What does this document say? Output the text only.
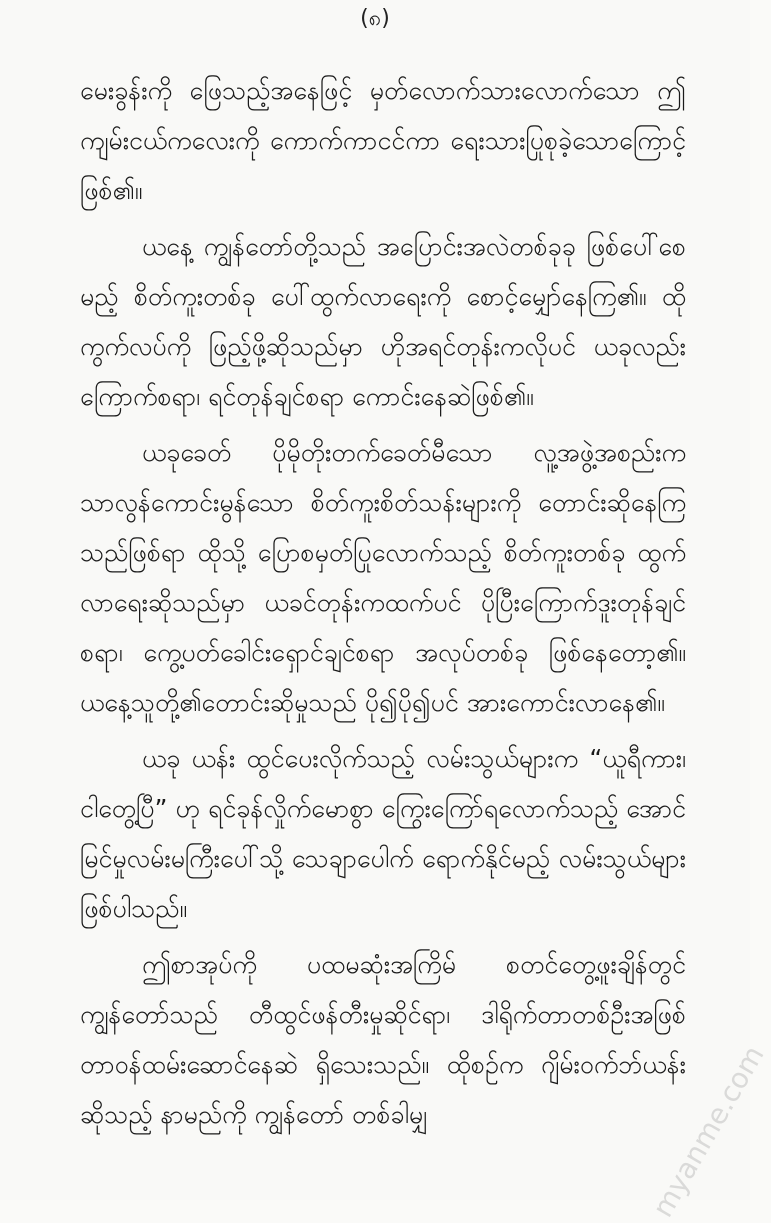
(၈)

မေးခွန်းကို ဖြေသည့်အနေဖြင့် မှတ်လောက်သားလောက်သော ဤကျမ်းငယ်ကလေးကို ကောက်ကာငင်ကာ ရေးသားပြုစုခဲ့သောကြောင့် ဖြစ်၏။

ယနေ့ ကျွန်တော်တို့သည် အပြောင်းအလဲတစ်ခုခု ဖြစ်ပေါ်စေမည့် စိတ်ကူးတစ်ခု ပေါ်ထွက်လာရေးကို စောင့်မျှော်နေကြ၏။ ထိုကွက်လပ်ကို ဖြည့်ဖို့ဆိုသည်မှာ ဟိုအရင်တုန်းကလိုပင် ယခုလည်း ကြောက်စရာ၊ ရင်တုန်ချင်စရာ ကောင်းနေဆဲဖြစ်၏။

ယခုခေတ် ပိုမိုတိုးတက်ခေတ်မီသော လူ့အဖွဲ့အစည်းက သာလွန်ကောင်းမွန်သော စိတ်ကူးစိတ်သန်းများကို တောင်းဆိုနေကြသည်ဖြစ်ရာ ထိုသို့ ပြောစမှတ်ပြုလောက်သည့် စိတ်ကူးတစ်ခု ထွက်လာရေးဆိုသည်မှာ ယခင်တုန်းကထက်ပင် ပိုပြီးကြောက်ဒူးတုန်ချင်စရာ၊ ကွေ့ပတ်ခေါင်းရှောင်ချင်စရာ အလုပ်တစ်ခု ဖြစ်နေတော့၏။ ယနေ့သူတို့၏တောင်းဆိုမှုသည် ပို၍ပို၍ပင် အားကောင်းလာနေ၏။

ယခု ယန်း ထွင်ပေးလိုက်သည့် လမ်းသွယ်များက “ယူရီကား၊ ငါတွေ့ပြီ” ဟု ရင်ခုန်လှိုက်မောစွာ ကြွေးကြော်ရလောက်သည့် အောင် မြင်မှုလမ်းမကြီးပေါ်သို့ သေချာပေါက် ရောက်နိုင်မည့် လမ်းသွယ်များ ဖြစ်ပါသည်။

ဤစာအုပ်ကို ပထမဆုံးအကြိမ် စတင်တွေ့ဖူးချိန်တွင် ကျွန်တော်သည် တီထွင်ဖန်တီးမှုဆိုင်ရာ၊ ဒါရိုက်တာတစ်ဦးအဖြစ် တာဝန်ထမ်းဆောင်နေဆဲ ရှိသေးသည်။ ထိုစဉ်က ဂျိမ်းဝက်ဘ်ယန်း ဆိုသည့် နာမည်ကို ကျွန်တော် တစ်ခါမျှ	myanme.com
